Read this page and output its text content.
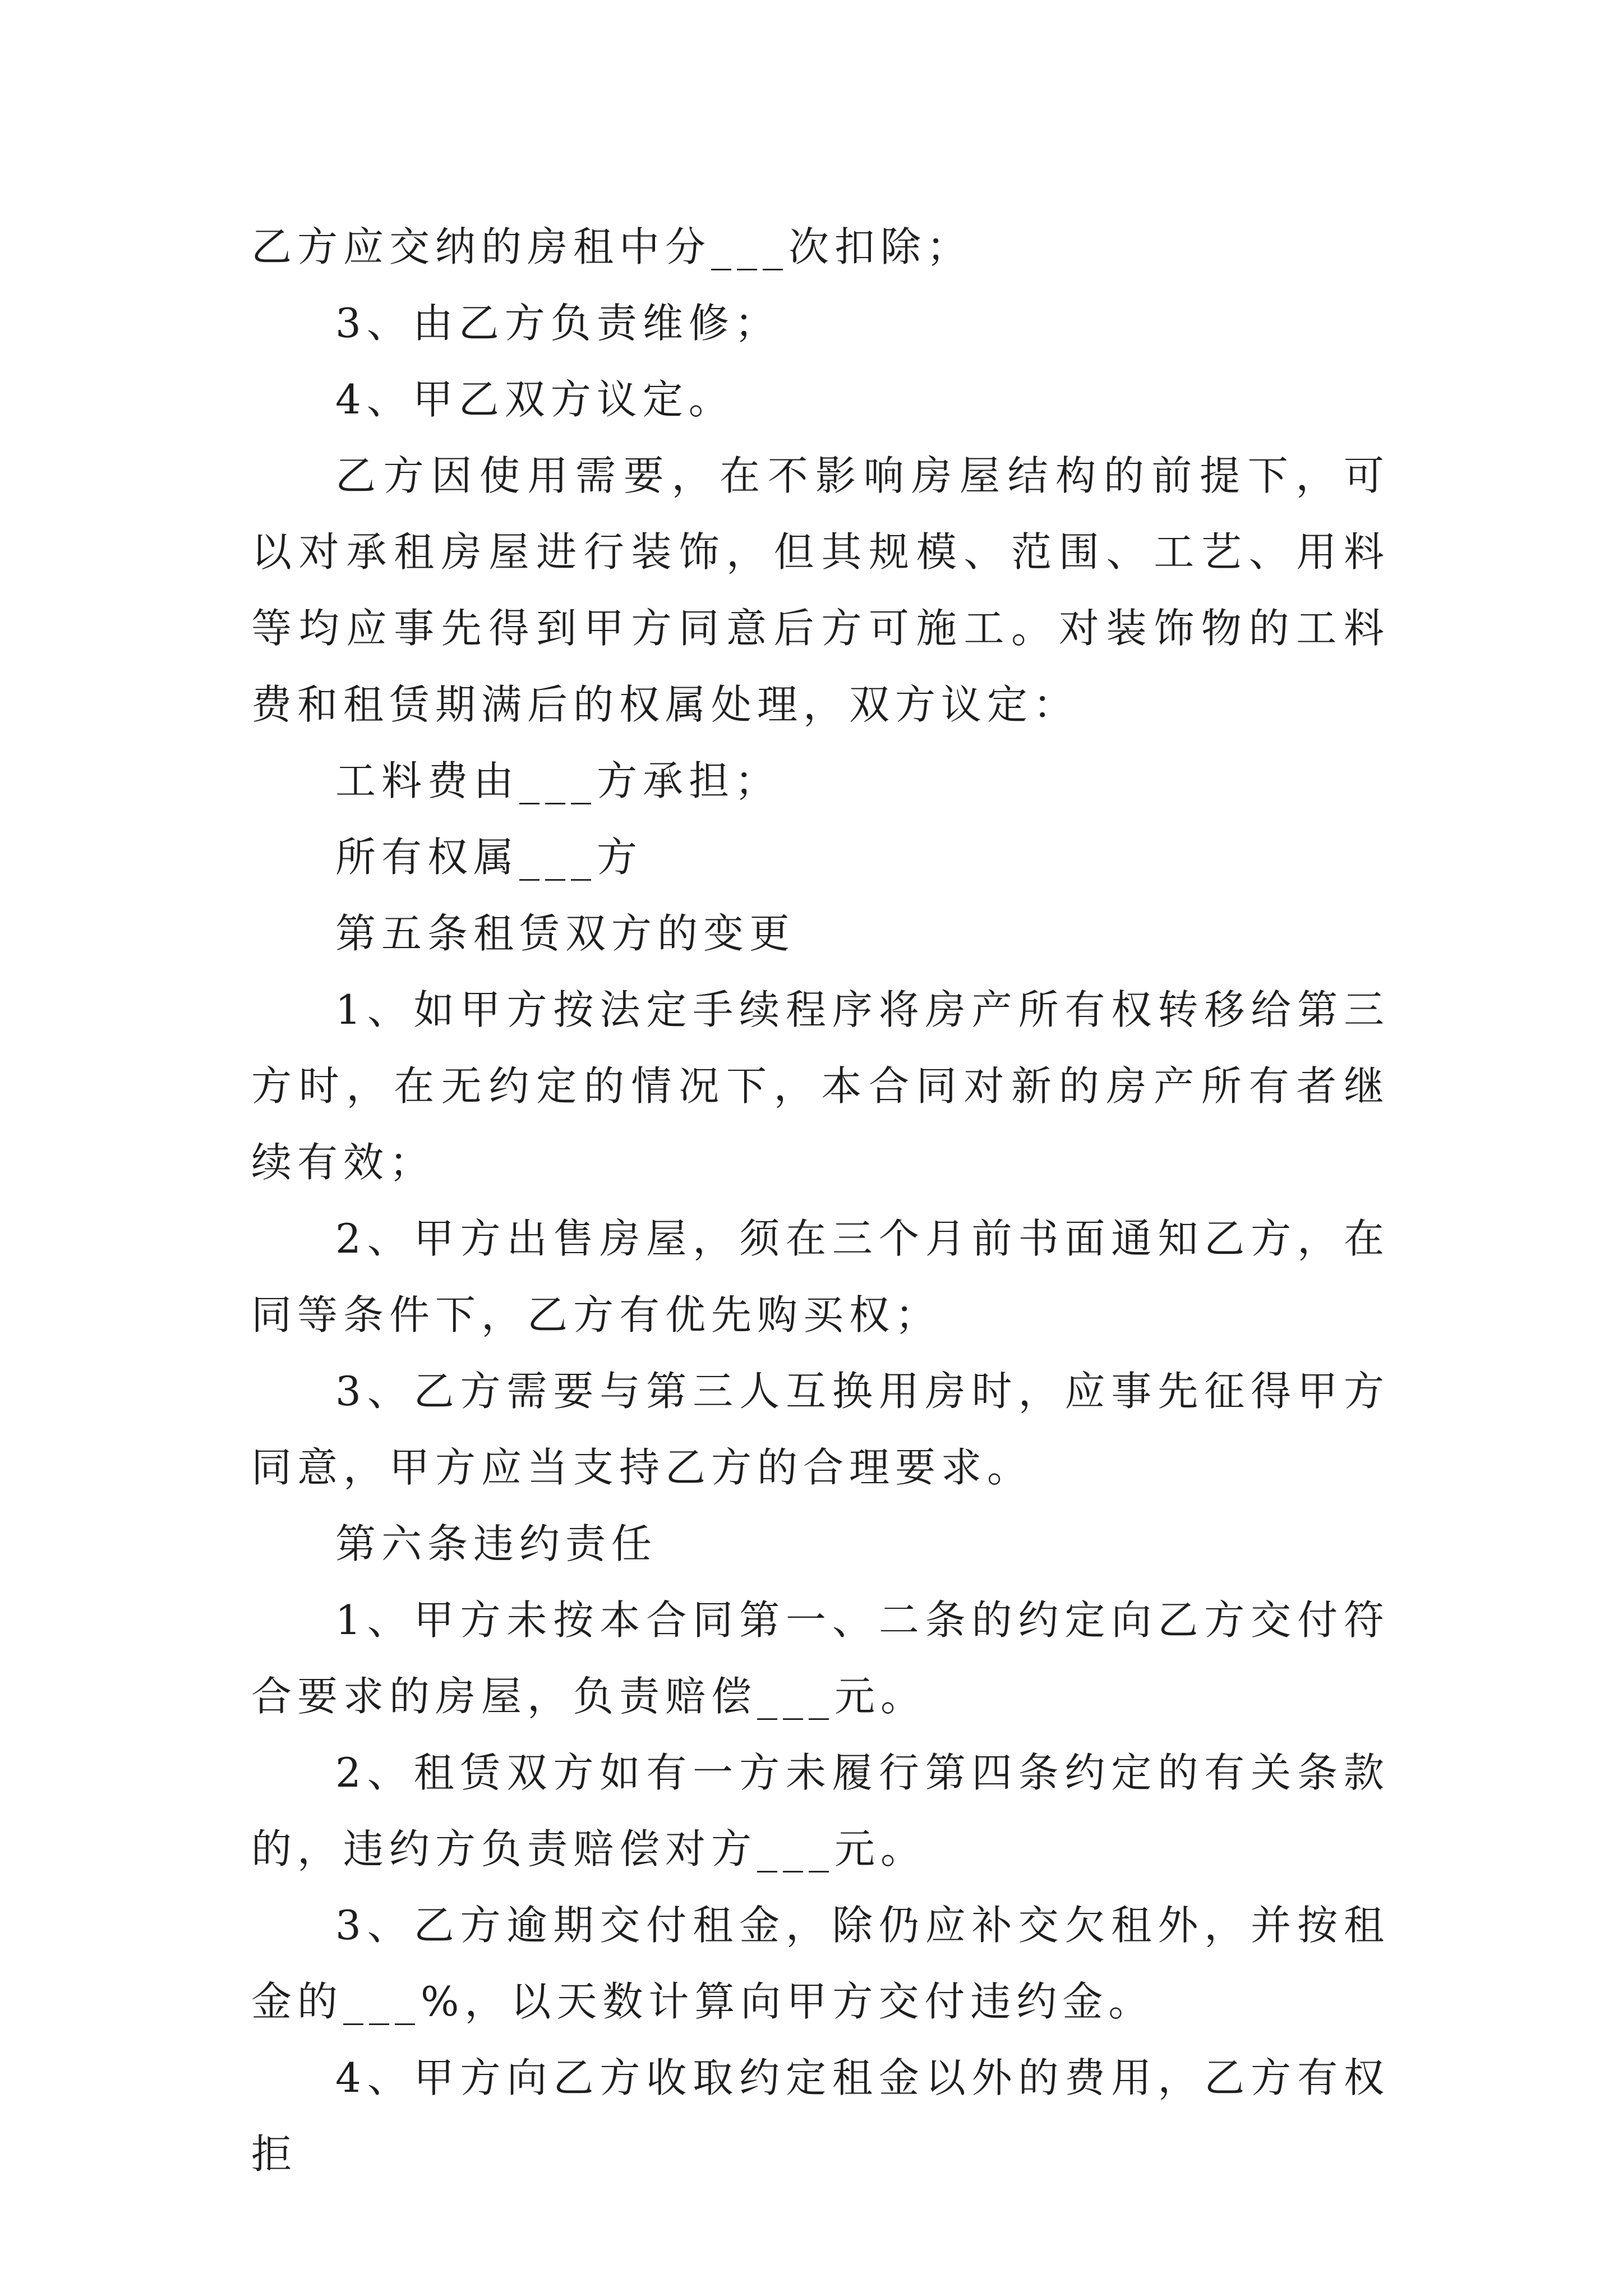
乙方应交纳的房租中分___次扣除；

3、由乙方负责维修；

4、甲乙双方议定。

乙方因使用需要，在不影响房屋结构的前提下，可以对承租房屋进行装饰，但其规模、范围、工艺、用料等均应事先得到甲方同意后方可施工。对装饰物的工料费和租赁期满后的权属处理，双方议定：

工料费由___方承担；

所有权属___方

第五条租赁双方的变更

1、如甲方按法定手续程序将房产所有权转移给第三方时，在无约定的情况下，本合同对新的房产所有者继续有效；

2、甲方出售房屋，须在三个月前书面通知乙方，在同等条件下，乙方有优先购买权；

3、乙方需要与第三人互换用房时，应事先征得甲方同意，甲方应当支持乙方的合理要求。

第六条违约责任

1、甲方未按本合同第一、二条的约定向乙方交付符合要求的房屋，负责赔偿___元。

2、租赁双方如有一方未履行第四条约定的有关条款的，违约方负责赔偿对方___元。

3、乙方逾期交付租金，除仍应补交欠租外，并按租金的___%，以天数计算向甲方交付违约金。

4、甲方向乙方收取约定租金以外的费用，乙方有权拒
